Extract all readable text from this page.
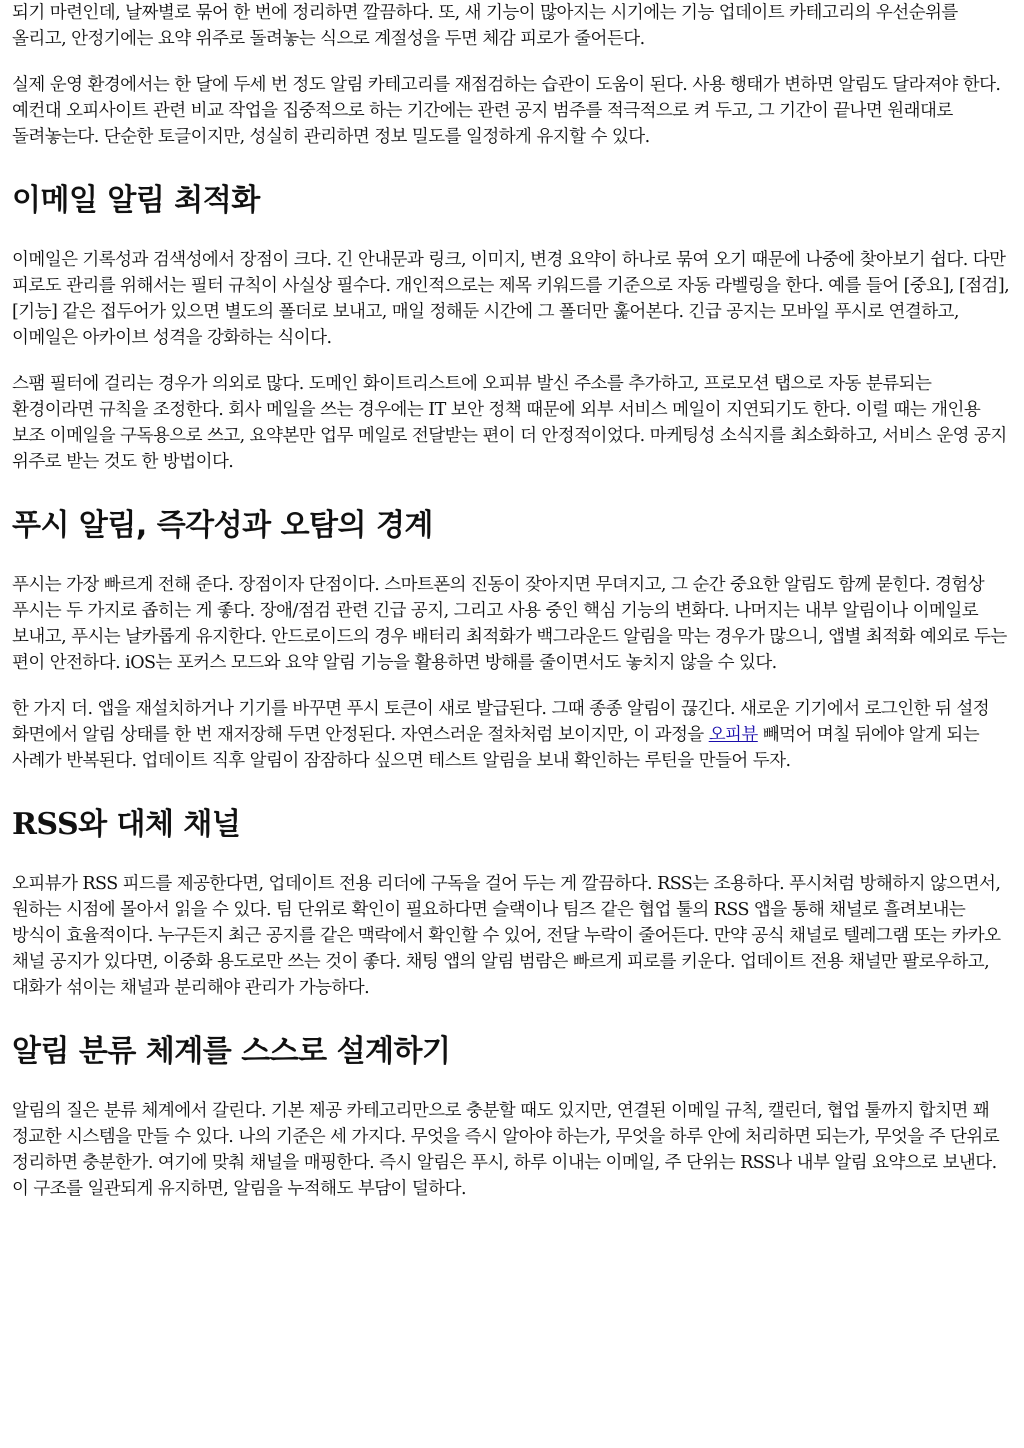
되기 마련인데, 날짜별로 묶어 한 번에 정리하면 깔끔하다. 또, 새 기능이 많아지는 시기에는 기능 업데이트 카테고리의 우선순위를 올리고, 안정기에는 요약 위주로 돌려놓는 식으로 계절성을 두면 체감 피로가 줄어든다.

실제 운영 환경에서는 한 달에 두세 번 정도 알림 카테고리를 재점검하는 습관이 도움이 된다. 사용 행태가 변하면 알림도 달라져야 한다. 예컨대 오피사이트 관련 비교 작업을 집중적으로 하는 기간에는 관련 공지 범주를 적극적으로 켜 두고, 그 기간이 끝나면 원래대로 돌려놓는다. 단순한 토글이지만, 성실히 관리하면 정보 밀도를 일정하게 유지할 수 있다.

이메일 알림 최적화

이메일은 기록성과 검색성에서 장점이 크다. 긴 안내문과 링크, 이미지, 변경 요약이 하나로 묶여 오기 때문에 나중에 찾아보기 쉽다. 다만 피로도 관리를 위해서는 필터 규칙이 사실상 필수다. 개인적으로는 제목 키워드를 기준으로 자동 라벨링을 한다. 예를 들어 [중요], [점검], [기능] 같은 접두어가 있으면 별도의 폴더로 보내고, 매일 정해둔 시간에 그 폴더만 훑어본다. 긴급 공지는 모바일 푸시로 연결하고, 이메일은 아카이브 성격을 강화하는 식이다.

스팸 필터에 걸리는 경우가 의외로 많다. 도메인 화이트리스트에 오피뷰 발신 주소를 추가하고, 프로모션 탭으로 자동 분류되는 환경이라면 규칙을 조정한다. 회사 메일을 쓰는 경우에는 IT 보안 정책 때문에 외부 서비스 메일이 지연되기도 한다. 이럴 때는 개인용 보조 이메일을 구독용으로 쓰고, 요약본만 업무 메일로 전달받는 편이 더 안정적이었다. 마케팅성 소식지를 최소화하고, 서비스 운영 공지 위주로 받는 것도 한 방법이다.

푸시 알림, 즉각성과 오탐의 경계

푸시는 가장 빠르게 전해 준다. 장점이자 단점이다. 스마트폰의 진동이 잦아지면 무뎌지고, 그 순간 중요한 알림도 함께 묻힌다. 경험상 푸시는 두 가지로 좁히는 게 좋다. 장애/점검 관련 긴급 공지, 그리고 사용 중인 핵심 기능의 변화다. 나머지는 내부 알림이나 이메일로 보내고, 푸시는 날카롭게 유지한다. 안드로이드의 경우 배터리 최적화가 백그라운드 알림을 막는 경우가 많으니, 앱별 최적화 예외로 두는 편이 안전하다. iOS는 포커스 모드와 요약 알림 기능을 활용하면 방해를 줄이면서도 놓치지 않을 수 있다.

한 가지 더. 앱을 재설치하거나 기기를 바꾸면 푸시 토큰이 새로 발급된다. 그때 종종 알림이 끊긴다. 새로운 기기에서 로그인한 뒤 설정 화면에서 알림 상태를 한 번 재저장해 두면 안정된다. 자연스러운 절차처럼 보이지만, 이 과정을 오피뷰 빼먹어 며칠 뒤에야 알게 되는 사례가 반복된다. 업데이트 직후 알림이 잠잠하다 싶으면 테스트 알림을 보내 확인하는 루틴을 만들어 두자.

RSS와 대체 채널

오피뷰가 RSS 피드를 제공한다면, 업데이트 전용 리더에 구독을 걸어 두는 게 깔끔하다. RSS는 조용하다. 푸시처럼 방해하지 않으면서, 원하는 시점에 몰아서 읽을 수 있다. 팀 단위로 확인이 필요하다면 슬랙이나 팀즈 같은 협업 툴의 RSS 앱을 통해 채널로 흘려보내는 방식이 효율적이다. 누구든지 최근 공지를 같은 맥락에서 확인할 수 있어, 전달 누락이 줄어든다. 만약 공식 채널로 텔레그램 또는 카카오 채널 공지가 있다면, 이중화 용도로만 쓰는 것이 좋다. 채팅 앱의 알림 범람은 빠르게 피로를 키운다. 업데이트 전용 채널만 팔로우하고, 대화가 섞이는 채널과 분리해야 관리가 가능하다.

알림 분류 체계를 스스로 설계하기

알림의 질은 분류 체계에서 갈린다. 기본 제공 카테고리만으로 충분할 때도 있지만, 연결된 이메일 규칙, 캘린더, 협업 툴까지 합치면 꽤 정교한 시스템을 만들 수 있다. 나의 기준은 세 가지다. 무엇을 즉시 알아야 하는가, 무엇을 하루 안에 처리하면 되는가, 무엇을 주 단위로 정리하면 충분한가. 여기에 맞춰 채널을 매핑한다. 즉시 알림은 푸시, 하루 이내는 이메일, 주 단위는 RSS나 내부 알림 요약으로 보낸다. 이 구조를 일관되게 유지하면, 알림을 누적해도 부담이 덜하다.
